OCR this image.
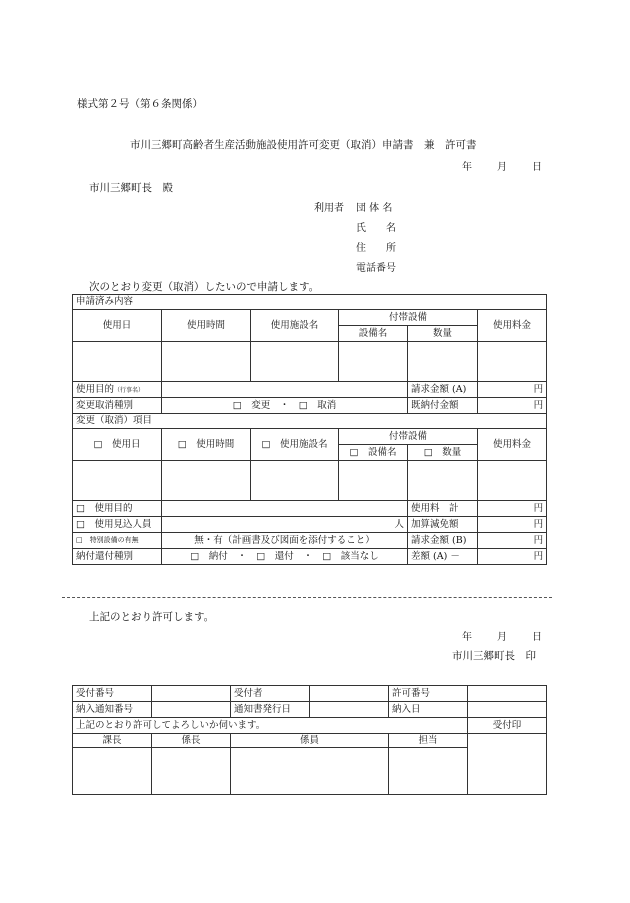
様式第２号（第６条関係）
市川三郷町高齢者生産活動施設使用許可変更（取消）申請書　兼　許可書
年	月	日
市川三郷町長　殿
利用者 団 体 名
氏　　名
住　　所
電話番号
次のとおり変更（取消）したいので申請します。
申請済み内容					
使用日	使用時間	使用施設名	付帯設備		使用料金
			設備名	数量	

使用目的（行事名）				請求金額 (A)	円
変更取消種別	□　変更　・　□　取消			既納付金額	円
変更（取消）項目					
□　使用日	□　使用時間	□　使用施設名	付帯設備		使用料金
			□　設備名	□　数量	

□　使用目的				使用料　計	円
□　使用見込人員	人			加算減免額	円
□　特別設備の有無	無・有（計画書及び図面を添付すること）			請求金額 (B)	円
納付還付種別	□　納付　・　□　還付　・　□　該当なし			差額 (A) －	円
上記のとおり許可します。
年	月	日
市川三郷町長　印
受付番号		受付者		許可番号	
納入通知番号		通知書発行日		納入日	
上記のとおり許可してよろしいか伺います。					受付印
課長	係長	係員		担当	
